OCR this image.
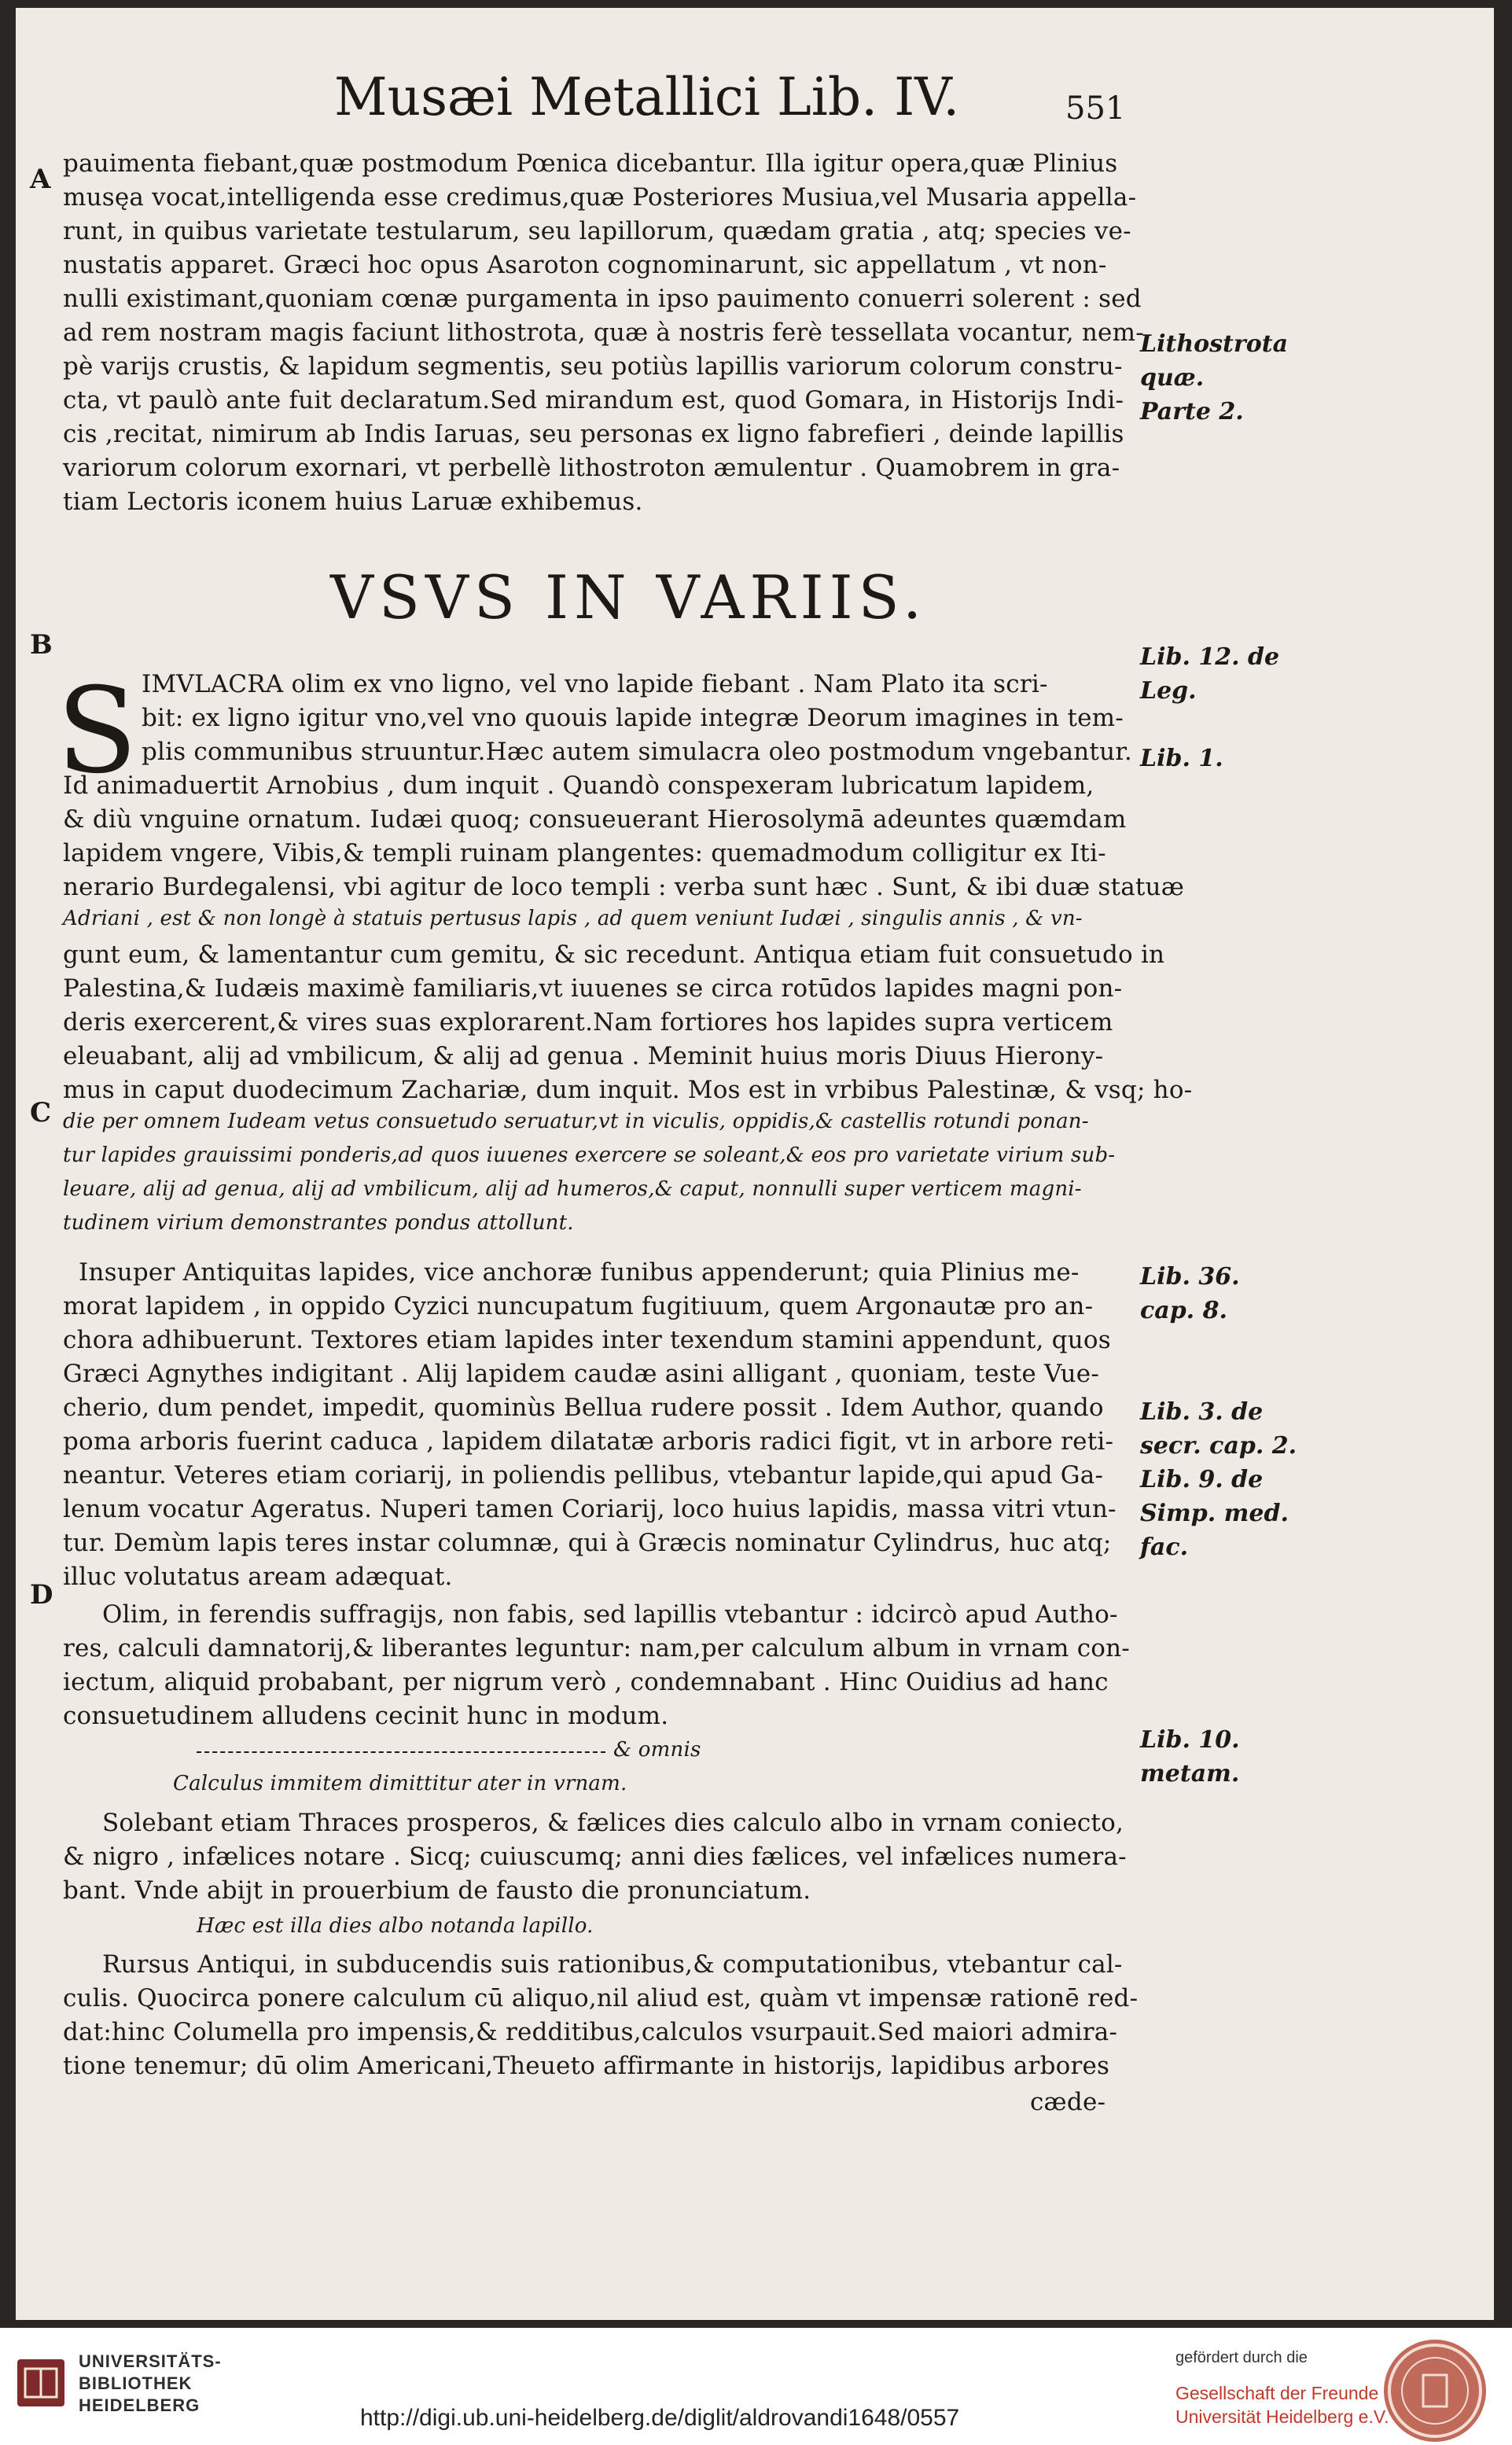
Musæi Metallici Lib. IV.	551
A
B
C
D
pauimenta fiebant,quæ postmodum Pœnica dicebantur. Illa igitur opera,quæ Plinius
musęa vocat,intelligenda esse credimus,quæ Posteriores Musiua,vel Musaria appella-
runt, in quibus varietate testularum, seu lapillorum, quædam gratia , atq; species ve-
nustatis apparet. Græci hoc opus Asaroton cognominarunt, sic appellatum , vt non-
nulli existimant,quoniam cœnæ purgamenta in ipso pauimento conuerri solerent : sed
ad rem nostram magis faciunt lithostrota, quæ à nostris ferè tessellata vocantur, nem-
pè varijs crustis, & lapidum segmentis, seu potiùs lapillis variorum colorum constru-
cta, vt paulò ante fuit declaratum.Sed mirandum est, quod Gomara, in Historijs Indi-
cis ,recitat, nimirum ab Indis Iaruas, seu personas ex ligno fabrefieri , deinde lapillis
variorum colorum exornari, vt perbellè lithostroton æmulentur . Quamobrem in gra-
tiam Lectoris iconem huius Laruæ exhibemus.
VSVS IN VARIIS.
S IMVLACRA olim ex vno ligno, vel vno lapide fiebant . Nam Plato ita scri-
bit: ex ligno igitur vno,vel vno quouis lapide integræ Deorum imagines in tem-
plis communibus struuntur.Hæc autem simulacra oleo postmodum vngebantur.
Id animaduertit Arnobius , dum inquit . Quandò conspexeram lubricatum lapidem,
& diù vnguine ornatum. Iudæi quoq; consueuerant Hierosolymā adeuntes quæmdam
lapidem vngere, Vibis,& templi ruinam plangentes: quemadmodum colligitur ex Iti-
nerario Burdegalensi, vbi agitur de loco templi : verba sunt hæc . Sunt, & ibi duæ statuæ
Adriani , est & non longè à statuis pertusus lapis , ad quem veniunt Iudæi , singulis annis , & vn-
gunt eum, & lamentantur cum gemitu, & sic recedunt. Antiqua etiam fuit consuetudo in
Palestina,& Iudæis maximè familiaris,vt iuuenes se circa rotūdos lapides magni pon-
deris exercerent,& vires suas explorarent.Nam fortiores hos lapides supra verticem
eleuabant, alij ad vmbilicum, & alij ad genua . Meminit huius moris Diuus Hierony-
mus in caput duodecimum Zachariæ, dum inquit. Mos est in vrbibus Palestinæ, & vsq; ho-
die per omnem Iudeam vetus consuetudo seruatur,vt in viculis, oppidis,& castellis rotundi ponan-
tur lapides grauissimi ponderis,ad quos iuuenes exercere se soleant,& eos pro varietate virium sub-
leuare, alij ad genua, alij ad vmbilicum, alij ad humeros,& caput, nonnulli super verticem magni-
tudinem virium demonstrantes pondus attollunt.
Insuper Antiquitas lapides, vice anchoræ funibus appenderunt; quia Plinius me-
morat lapidem , in oppido Cyzici nuncupatum fugitiuum, quem Argonautæ pro an-
chora adhibuerunt. Textores etiam lapides inter texendum stamini appendunt, quos
Græci Agnythes indigitant . Alij lapidem caudæ asini alligant , quoniam, teste Vue-
cherio, dum pendet, impedit, quominùs Bellua rudere possit . Idem Author, quando
poma arboris fuerint caduca , lapidem dilatatæ arboris radici figit, vt in arbore reti-
neantur. Veteres etiam coriarij, in poliendis pellibus, vtebantur lapide,qui apud Ga-
lenum vocatur Ageratus. Nuperi tamen Coriarij, loco huius lapidis, massa vitri vtun-
tur. Demùm lapis teres instar columnæ, qui à Græcis nominatur Cylindrus, huc atq;
illuc volutatus aream adæquat.
Olim, in ferendis suffragijs, non fabis, sed lapillis vtebantur : idcircò apud Autho-
res, calculi damnatorij,& liberantes leguntur: nam,per calculum album in vrnam con-
iectum, aliquid probabant, per nigrum verò , condemnabant . Hinc Ouidius ad hanc
consuetudinem alludens cecinit hunc in modum.
& omnis
Calculus immitem dimittitur ater in vrnam.
Solebant etiam Thraces prosperos, & fælices dies calculo albo in vrnam coniecto,
& nigro , infælices notare . Sicq; cuiuscumq; anni dies fælices, vel infælices numera-
bant. Vnde abijt in prouerbium de fausto die pronunciatum.
Hæc est illa dies albo notanda lapillo.
Rursus Antiqui, in subducendis suis rationibus,& computationibus, vtebantur cal-
culis. Quocirca ponere calculum cū aliquo,nil aliud est, quàm vt impensæ rationē red-
dat:hinc Columella pro impensis,& redditibus,calculos vsurpauit.Sed maiori admira-
tione tenemur; dū olim Americani,Theueto affirmante in historijs, lapidibus arbores
cæde-
Lithostrota
quæ.
Parte 2.
Lib. 12. de
Leg.
Lib. 1.
Lib. 36.
cap. 8.
Lib. 3. de
secr. cap. 2.
Lib. 9. de
Simp. med.
fac.
Lib. 10.
metam.
UNIVERSITÄTS-
BIBLIOTHEK
HEIDELBERG	http://digi.ub.uni-heidelberg.de/diglit/aldrovandi1648/0557
gefördert durch die
Gesellschaft der Freunde
Universität Heidelberg e.V.
